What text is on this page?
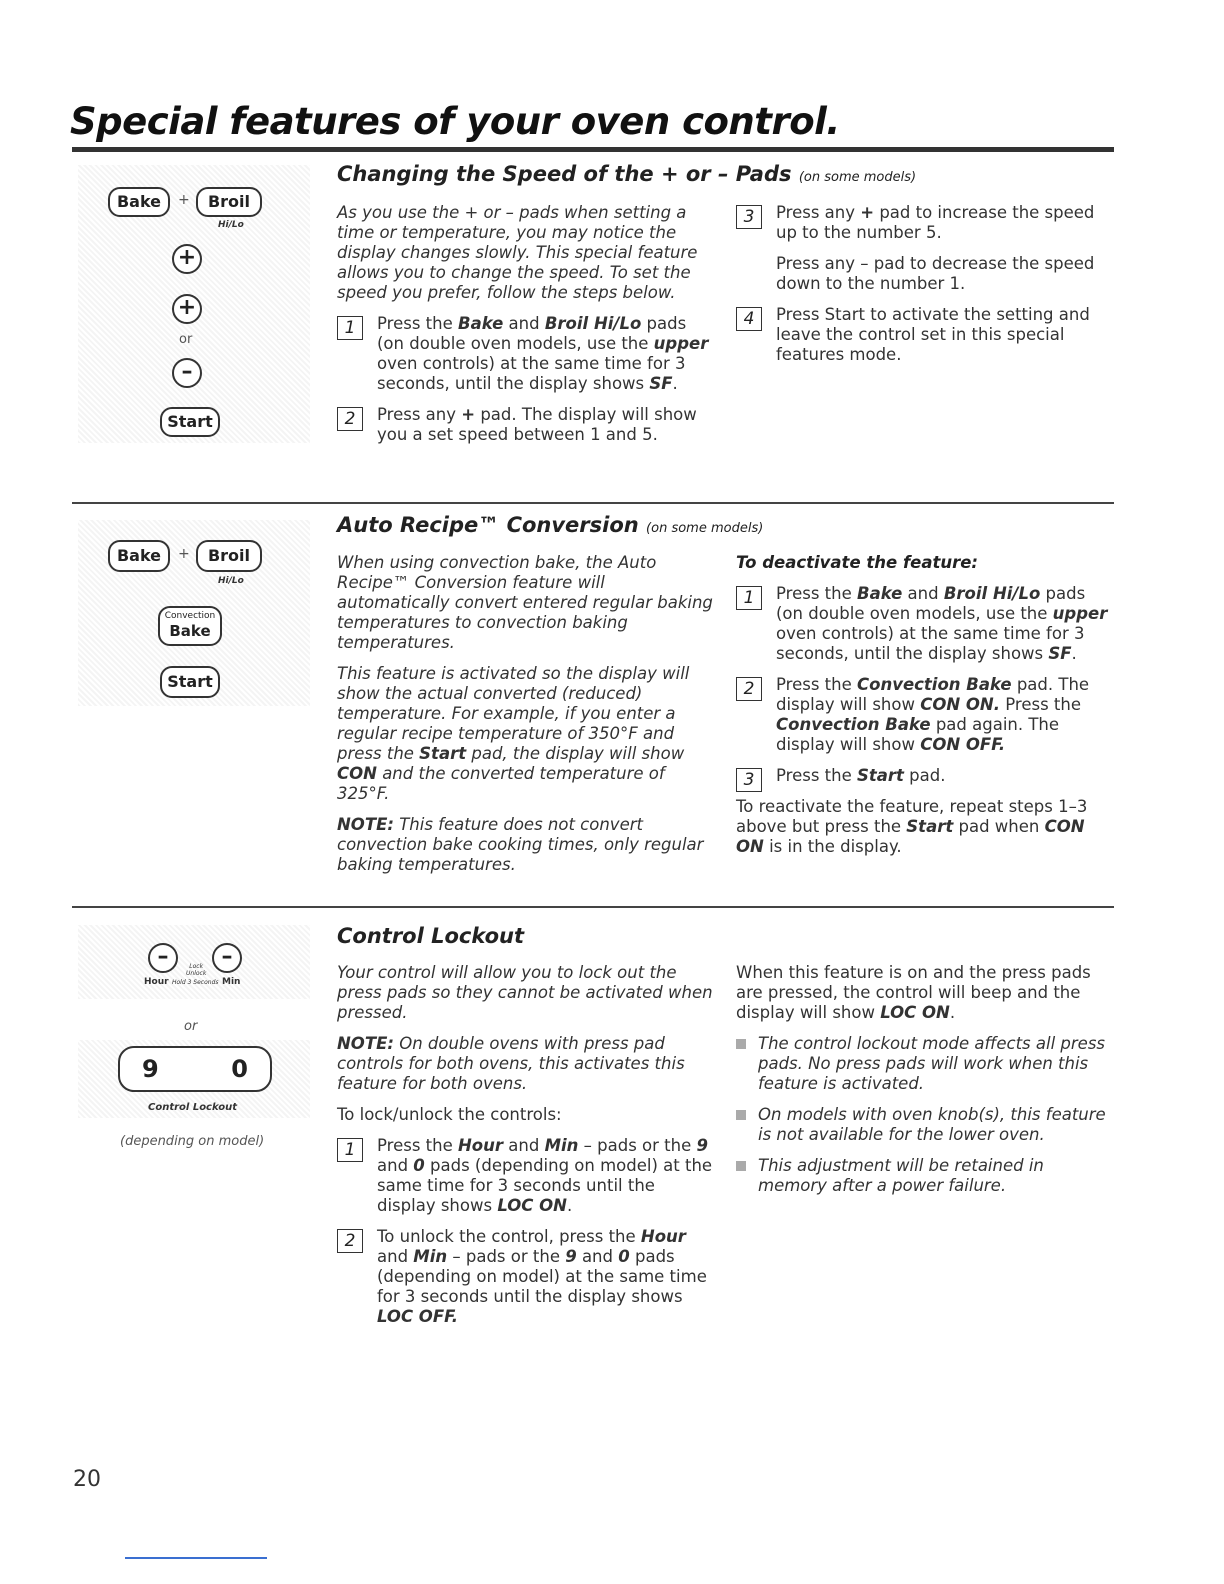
Special features of your oven control.
Bake	+	Broil
Hi/Lo
+
+
or
–
Start
Changing the Speed of the + or – Pads (on some models)

As you use the + or – pads when setting a time or temperature, you may notice the display changes slowly. This special feature allows you to change the speed. To set the speed you prefer, follow the steps below.

1	Press the Bake and Broil Hi/Lo pads (on double oven models, use the upper oven controls) at the same time for 3 seconds, until the display shows SF.
2	Press any + pad. The display will show you a set speed between 1 and 5.
3	Press any + pad to increase the speed up to the number 5.

Press any – pad to decrease the speed down to the number 1.

4	Press Start to activate the setting and leave the control set in this special features mode.
Bake	+	Broil
Hi/Lo
Convection
Bake
Start
Auto Recipe™ Conversion (on some models)

When using convection bake, the Auto Recipe™ Conversion feature will automatically convert entered regular baking temperatures to convection baking temperatures.

This feature is activated so the display will show the actual converted (reduced) temperature. For example, if you enter a regular recipe temperature of 350°F and press the Start pad, the display will show CON and the converted temperature of 325°F.

NOTE: This feature does not convert convection bake cooking times, only regular baking temperatures.

To deactivate the feature:

1	Press the Bake and Broil Hi/Lo pads (on double oven models, use the upper oven controls) at the same time for 3 seconds, until the display shows SF.
2	Press the Convection Bake pad. The display will show CON ON. Press the Convection Bake pad again. The display will show CON OFF.
3	Press the Start pad.

To reactivate the feature, repeat steps 1–3 above but press the Start pad when CON ON is in the display.

–	–
Lock
Unlock
Hour Hold 3 Seconds Min
or
9	0
Control Lockout
(depending on model)
Control Lockout

Your control will allow you to lock out the press pads so they cannot be activated when pressed.

NOTE: On double ovens with press pad controls for both ovens, this activates this feature for both ovens.

To lock/unlock the controls:

1	Press the Hour and Min – pads or the 9 and 0 pads (depending on model) at the same time for 3 seconds until the display shows LOC ON.
2	To unlock the control, press the Hour and Min – pads or the 9 and 0 pads (depending on model) at the same time for 3 seconds until the display shows LOC OFF.

When this feature is on and the press pads are pressed, the control will beep and the display will show LOC ON.

The control lockout mode affects all press pads. No press pads will work when this feature is activated.
On models with oven knob(s), this feature is not available for the lower oven.
This adjustment will be retained in memory after a power failure.
20
